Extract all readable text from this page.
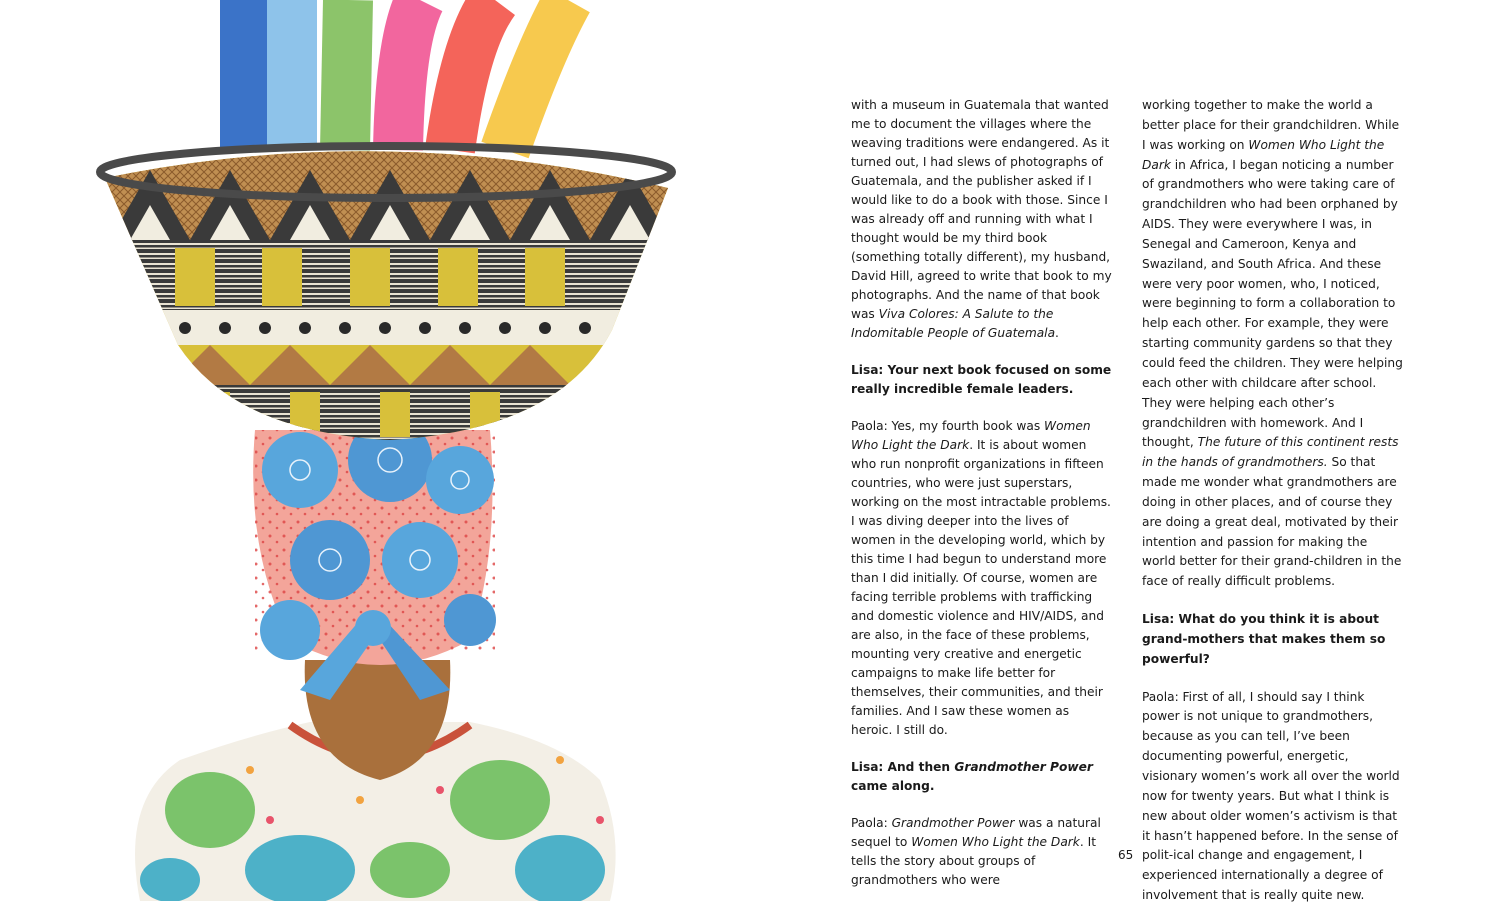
with a museum in Guatemala that wanted me to document the villages where the weaving traditions were endangered. As it turned out, I had slews of photographs of Guatemala, and the publisher asked if I would like to do a book with those. Since I was already off and running with what I thought would be my third book (something totally different), my husband, David Hill, agreed to write that book to my photographs. And the name of that book was Viva Colores: A Salute to the Indomitable People of Guatemala.

Lisa: Your next book focused on some really incredible female leaders.

Paola: Yes, my fourth book was Women Who Light the Dark. It is about women who run nonprofit organizations in fifteen countries, who were just superstars, working on the most intractable problems. I was diving deeper into the lives of women in the developing world, which by this time I had begun to understand more than I did initially. Of course, women are facing terrible problems with trafficking and domestic violence and HIV/AIDS, and are also, in the face of these problems, mounting very creative and energetic campaigns to make life better for themselves, their communities, and their families. And I saw these women as heroic. I still do.

Lisa: And then Grandmother Power came along.

Paola: Grandmother Power was a natural sequel to Women Who Light the Dark. It tells the story about groups of grandmothers who were

working together to make the world a better place for their grandchildren. While I was working on Women Who Light the Dark in Africa, I began noticing a number of grandmothers who were taking care of grandchildren who had been orphaned by AIDS. They were everywhere I was, in Senegal and Cameroon, Kenya and Swaziland, and South Africa. And these were very poor women, who, I noticed, were beginning to form a collaboration to help each other. For example, they were starting community gardens so that they could feed the children. They were helping each other with childcare after school. They were helping each other’s grandchildren with homework. And I thought, The future of this continent rests in the hands of grandmothers. So that made me wonder what grandmothers are doing in other places, and of course they are doing a great deal, motivated by their intention and passion for making the world better for their grand-children in the face of really difficult problems.

Lisa: What do you think it is about grand-mothers that makes them so powerful?

Paola: First of all, I should say I think power is not unique to grandmothers, because as you can tell, I’ve been documenting powerful, energetic, visionary women’s work all over the world now for twenty years. But what I think is new about older women’s activism is that it hasn’t happened before. In the sense of polit-ical change and engagement, I experienced internationally a degree of involvement that is really quite new.

65
